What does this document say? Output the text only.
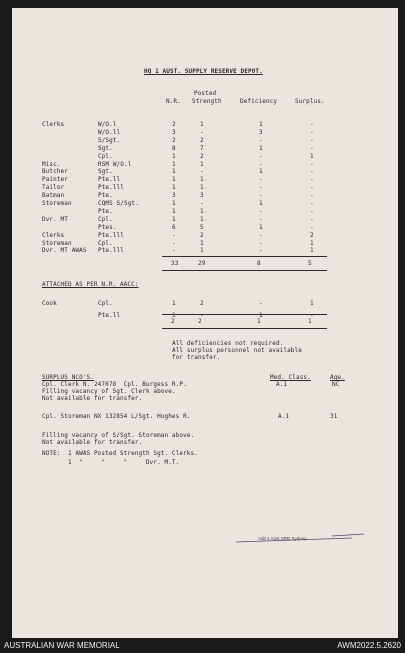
HQ 1 AUST. SUPPLY RESERVE DEPOT.
Posted
N.R. Strength	Deficiency	Surplus.
Clerks	W/O.l	2	1	1	-
W/O.ll	3	-	3	-
S/Sgt.	2	2	-	-
Sgt.	8	7	1	-
Cpl.	1	2	-	1
Misc.	RSM W/O.l	1	1	-	-
Butcher	Sgt.	1	-	1	-
Painter	Pte.ll	1	1	-	-
Tailor	Pte.lll	1	1	-	-
Batman	Pte.	3	3	-	-
Storeman	CQMS S/Sgt.	1	-	1	-
Pte.	1	1	-	-
Dvr. MT	Cpl.	1	1	-	-
Ptes.	6	5	1	-
Clerks	Pte.lll	-	2	-	2
Storeman	Cpl.	-	1	-	1
Dvr. MT AWAS Pte.lll	-	1	-	1
33	29	8	5
ATTACHED AS PER N.R. AACC:
Cook	Cpl.	1	2	-	1
Pte.ll	1	-	1	-
2	2	1	1
All deficiencies not required.
All surplus personnel not available
for transfer.
SURPLUS NCO'S.	Med. Class.	Age.
Cpl. Clerk N. 247078  Cpl. Burgess R.P.	A.1	NC
Filling vacancy of Sgt. Clerk above.
Not available for transfer.
Cpl. Storeman NX 132854 L/Sgt. Hughes R.	A.1	31
Filling vacancy of S/Sgt. Storeman above.
Not available for transfer.
NOTE:  1 AWAS Posted Strength Sgt. Clerks.
1  "     "     "     Dvr. M.T.
Adjt 1 Aust SRD Sydney
AUSTRALIAN WAR MEMORIAL	AWM2022.5.2620
